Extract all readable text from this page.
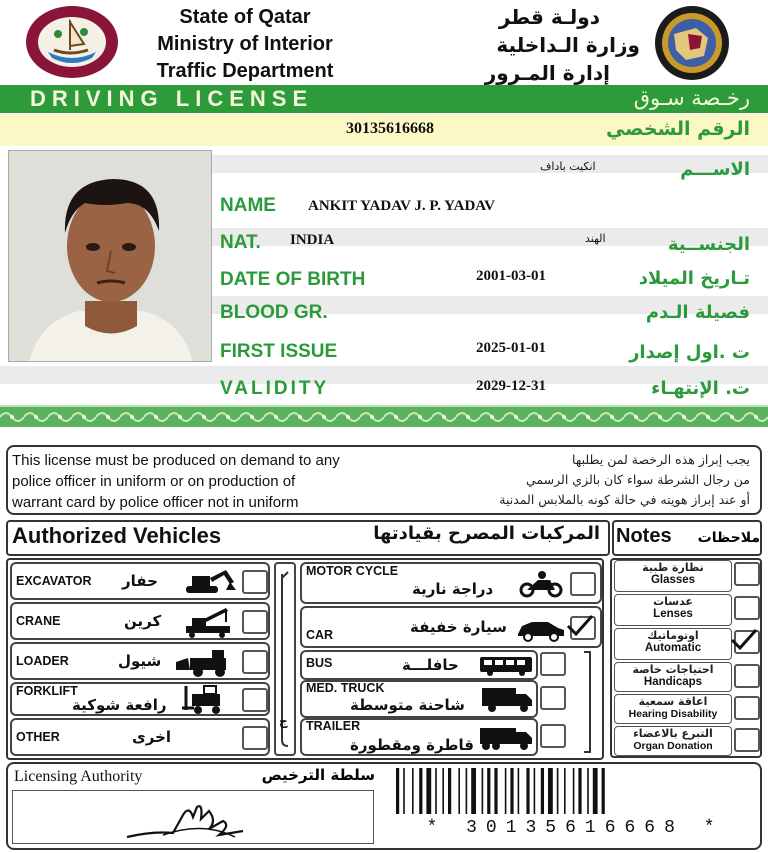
State of Qatar
Ministry of Interior
Traffic Department
دولـة قطر
وزارة الـداخلية
إدارة المـرور
DRIVING LICENSE	رخـصة سـوق
30135616668	الرقم الشخصي
انكيت باداف	الاســـم
NAME ANKIT YADAV J. P. YADAV
NAT. INDIA	الهند	الجنســية
DATE OF BIRTH	2001-03-01	تـاريخ الميلاد
BLOOD GR.	فصيلة الـدم
FIRST ISSUE	2025-01-01	ت .اول إصدار
VALIDITY	2029-12-31	ت. الإنتهـاء
This license must be produced on demand to any
police officer in uniform or on production of
warrant card by police officer not in uniform
يجب إبراز هذه الرخصة لمن يطلبها
من رجال الشرطة سواء كان بالزي الرسمي
أو عند إبراز هويته في حالة كونه بالملابس المدنية
Authorized Vehicles	المركبات المصرح بقيادتها Notes	ملاحظات
EXCAVATOR حفار
CRANE	كرين
LOADER	شيول
FORKLIFT
رافعة شوكية
OTHER	اخرى
ج
MOTOR CYCLE
دراجة نارية
CAR	سيارة خفيفة
BUS	حافلـــة
MED. TRUCK
شاحنة متوسطة
TRAILER
قاطرة ومقطورة
نظارة طبية
Glasses
عدسات
Lenses
اوتوماتيك
Automatic
احتياجات خاصة
Handicaps
اعاقة سمعية
Hearing Disability
التبرع بالاعضاء
Organ Donation
Licensing Authority	سلطة الترخيص
* 30135616668 *
